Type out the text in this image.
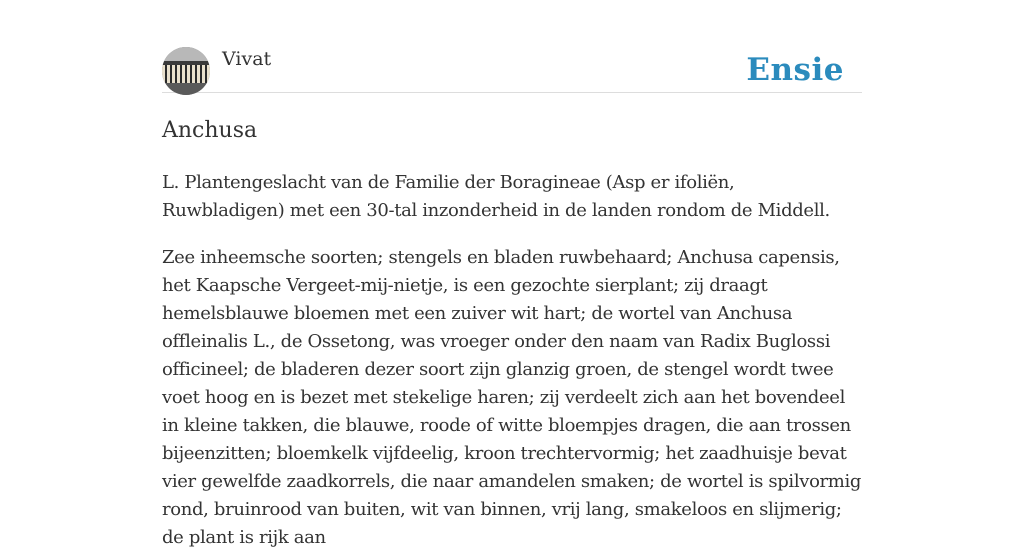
Vivat	Ensie
Anchusa

L. Plantengeslacht van de Familie der Boragineae (Asp er ifoliën, Ruwbladigen) met een 30-tal inzonderheid in de landen rondom de Middell.

Zee inheemsche soorten; stengels en bladen ruwbehaard; Anchusa capensis, het Kaapsche Vergeet-mij-nietje, is een gezochte sierplant; zij draagt hemelsblauwe bloemen met een zuiver wit hart; de wortel van Anchusa offleinalis L., de Ossetong, was vroeger onder den naam van Radix Buglossi officineel; de bladeren dezer soort zijn glanzig groen, de stengel wordt twee voet hoog en is bezet met stekelige haren; zij verdeelt zich aan het bovendeel in kleine takken, die blauwe, roode of witte bloempjes dragen, die aan trossen bijeenzitten; bloemkelk vijfdeelig, kroon trechtervormig; het zaadhuisje bevat vier gewelfde zaadkorrels, die naar amandelen smaken; de wortel is spilvormig rond, bruinrood van buiten, wit van binnen, vrij lang, smakeloos en slijmerig; de plant is rijk aan
